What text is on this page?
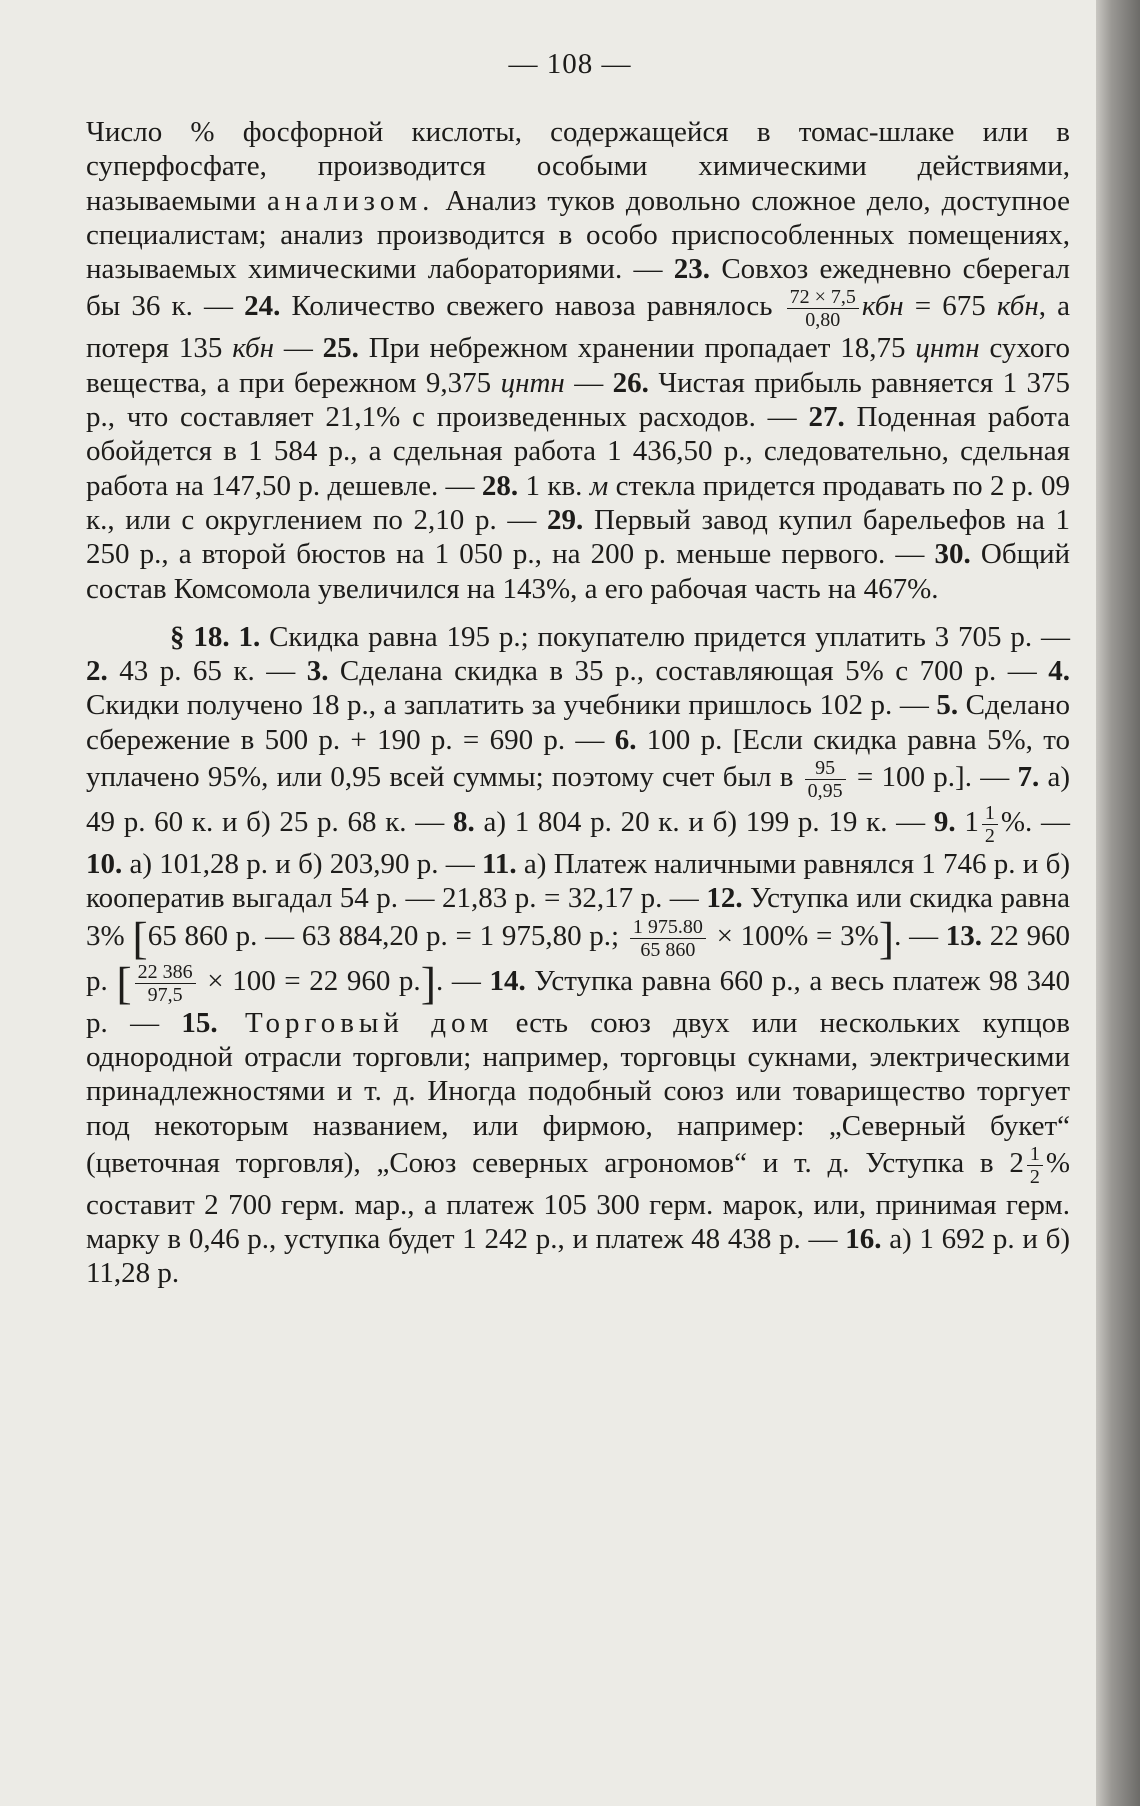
— 108 —

Число % фосфорной кислоты, содержащейся в томас-шлаке или в суперфосфате, производится особыми химическими действиями, называемыми анализом. Анализ туков довольно сложное дело, доступное специалистам; анализ производится в особо приспособленных помещениях, называемых химическими лабораториями. — 23. Совхоз ежедневно сберегал бы 36 к. — 24. Количество свежего навоза равнялось $\frac{72 \times 7,5}{0,80}$ кбн = 675 кбн, а потеря 135 кбн — 25. При небрежном хранении пропадает 18,75 цнтн сухого вещества, а при бережном 9,375 цнтн — 26. Чистая прибыль равняется 1 375 р., что составляет 21,1% с произведенных расходов. — 27. Поденная работа обойдется в 1 584 р., а сдельная работа 1 436,50 р., следовательно, сдельная работа на 147,50 р. дешевле. — 28. 1 кв. м стекла придется продавать по 2 р. 09 к., или с округлением по 2,10 р. — 29. Первый завод купил барельефов на 1 250 р., а второй бюстов на 1 050 р., на 200 р. меньше первого. — 30. Общий состав Комсомола увеличился на 143%, а его рабочая часть на 467%.

§ 18. 1. Скидка равна 195 р.; покупателю придется уплатить 3 705 р. — 2. 43 р. 65 к. — 3. Сделана скидка в 35 р., составляющая 5% с 700 р. — 4. Скидки получено 18 р., а заплатить за учебники пришлось 102 р. — 5. Сделано сбережение в 500 р. + 190 р. = 690 р. — 6. 100 р. [Если скидка равна 5%, то уплачено 95%, или 0,95 всей суммы; поэтому счет был в $\frac{95}{0,95} = 100$ р.]. — 7. а) 49 р. 60 к. и б) 25 р. 68 к. — 8. а) 1 804 р. 20 к. и б) 199 р. 19 к. — 9. $1 \frac{1}{2}$ %. — 10. а) 101,28 р. и б) 203,90 р. — 11. а) Платеж наличными равнялся 1 746 р. и б) кооператив выгадал 54 р. — 21,83 р. = 32,17 р. — 12. Уступка или скидка равна 3% [65 860 р. — 63 884,20 р. = 1 975,80 р.; $\frac{1 975.80}{65 860} \times 100\% = 3\%$]. — 13. 22 960 р. [ $\frac{22 386}{97,5} \times 100 = 22$ 960 р.]. — 14. Уступка равна 660 р., а весь платеж 98 340 р. — 15. Торговый дом есть союз двух или нескольких купцов однородной отрасли торговли; например, торговцы сукнами, электрическими принадлежностями и т. д. Иногда подобный союз или товарищество торгует под некоторым названием, или фирмою, например: „Северный букет“ (цветочная торговля), „Союз северных агрономов“ и т. д. Уступка в $2 \frac{1}{2}$ % составит 2 700 герм. мар., а платеж 105 300 герм. марок, или, принимая герм. марку в 0,46 р., уступка будет 1 242 р., и платеж 48 438 р. — 16. а) 1 692 р. и б) 11,28 р.
